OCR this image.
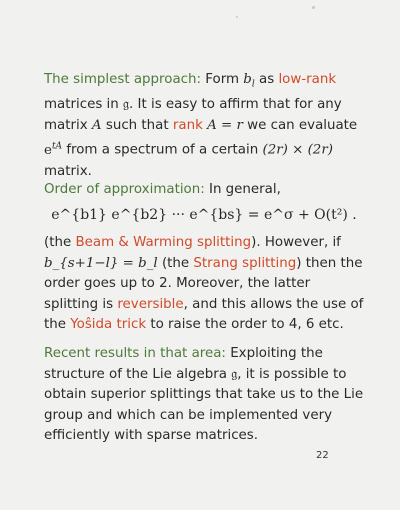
The simplest approach: Form $b_l$ as low-rank matrices in 𝔤. It is easy to affirm that for any matrix A such that rank A = r we can evaluate $e^{tA}$ from a spectrum of a certain (2r) × (2r) matrix.

Order of approximation: In general,

e^{b1} e^{b2} ··· e^{bs} = e^σ + O(t²) .

(the Beam & Warming splitting). However, if b_{s+1−l} = b_l (the Strang splitting) then the order goes up to 2. Moreover, the latter splitting is reversible, and this allows the use of the Yoŝida trick to raise the order to 4, 6 etc.

Recent results in that area: Exploiting the structure of the Lie algebra 𝔤, it is possible to obtain superior splittings that take us to the Lie group and which can be implemented very efficiently with sparse matrices.

22
